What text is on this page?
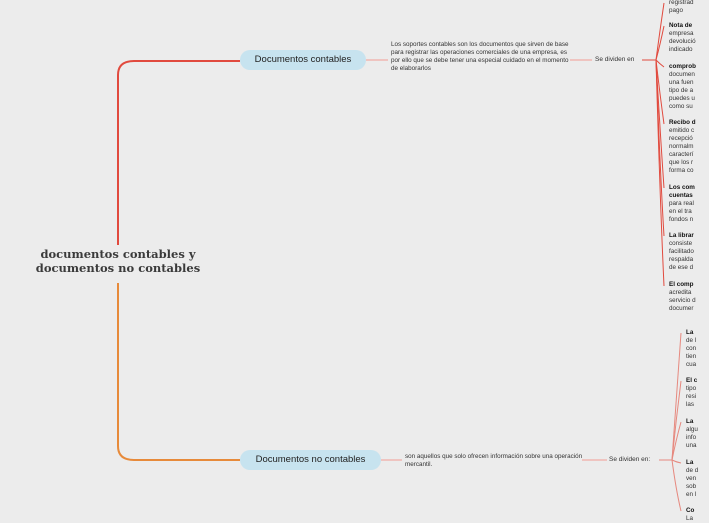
documentos contables y
documentos no contables
Documentos contables
Los soportes contables son los documentos que sirven de base para registrar las operaciones comerciales de una empresa, es por ello que se debe tener una especial cuidado en el momento de elaborarlos
Se dividen en
Documentos no contables	son aquellos que solo ofrecen información sobre una operación mercantil.
Se dividen en:
registrad
pago
Nota de
empresa
devolució
indicado
comprob
documen
una fuen
tipo de a
puedes u
como su
Recibo d
emitido c
recepció
normalm
caracterí
que los r
forma co
Los com
cuentas
para real
en el tra
fondos n
La librar
consiste
facilitado
respalda
de ese d
El comp
acredita
servicio d
documer
La
de l
con
tien
cua
El c
tipo
resi
las
La
algu
info
una
La
de d
ven
sob
en l
Co
La
